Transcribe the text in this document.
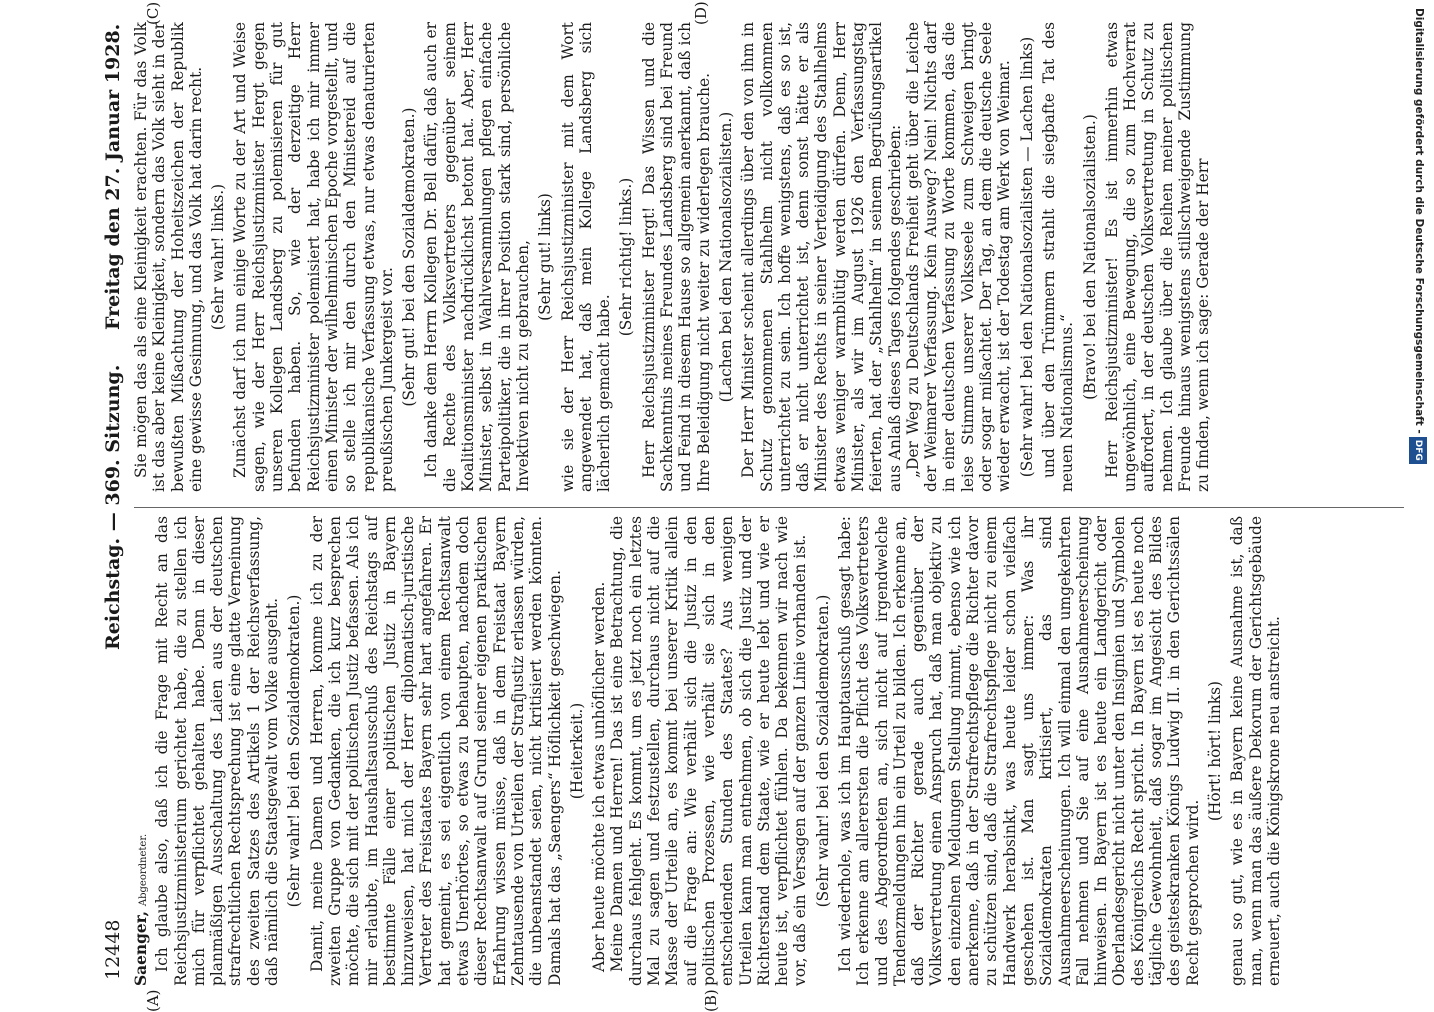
12448
Reichstag. — 369. Sitzung.
Freitag den 27. Januar 1928.
(A)	(B)
(C)	(D)

Saenger, Abgeordneter. Ich glaube also, daß ich die Frage mit Recht an das Reichsjustizministerium gerichtet habe, die zu stellen ich mich für verpflichtet gehalten habe. Denn in dieser planmäßigen Ausschaltung des Laien aus der deutschen strafrechtlichen Rechtsprechung ist eine glatte Verneinung des zweiten Satzes des Artikels 1 der Reichsverfassung, daß nämlich die Staatsgewalt vom Volke ausgeht. (Sehr wahr! bei den Sozialdemokraten.) Damit, meine Damen und Herren, komme ich zu der zweiten Gruppe von Gedanken, die ich kurz besprechen möchte, die sich mit der politischen Justiz befassen. Als ich mir erlaubte, im Haushaltsausschuß des Reichstags auf bestimmte Fälle einer politischen Justiz in Bayern hinzuweisen, hat mich der Herr diplomatisch-juristische Vertreter des Freistaates Bayern sehr hart angefahren. Er hat gemeint, es sei eigentlich von einem Rechtsanwalt etwas Unerhörtes, so etwas zu behaupten, nachdem doch dieser Rechtsanwalt auf Grund seiner eigenen praktischen Erfahrung wissen müsse, daß in dem Freistaat Bayern Zehntausende von Urteilen der Strafjustiz erlassen würden, die unbeanstandet seien, nicht kritisiert werden könnten. Damals hat das „Saengers“ Höflichkeit geschwiegen. (Heiterkeit.) Aber heute möchte ich etwas unhöflicher werden. Meine Damen und Herren! Das ist eine Betrachtung, die durchaus fehlgeht. Es kommt, um es jetzt noch ein letztes Mal zu sagen und festzustellen, durchaus nicht auf die Masse der Urteile an, es kommt bei unserer Kritik allein auf die Frage an: Wie verhält sich die Justiz in den politischen Prozessen, wie verhält sie sich in den entscheidenden Stunden des Staates? Aus wenigen Urteilen kann man entnehmen, ob sich die Justiz und der Richterstand dem Staate, wie er heute lebt und wie er heute ist, verpflichtet fühlen. Da bekennen wir nach wie vor, daß ein Versagen auf der ganzen Linie vorhanden ist. (Sehr wahr! bei den Sozialdemokraten.) Ich wiederhole, was ich im Hauptausschuß gesagt habe: Ich erkenne am allerersten die Pflicht des Volksvertreters und des Abgeordneten an, sich nicht auf irgendwelche Tendenzmeldungen hin ein Urteil zu bilden. Ich erkenne an, daß der Richter gerade auch gegenüber der Volksvertretung einen Anspruch hat, daß man objektiv zu den einzelnen Meldungen Stellung nimmt, ebenso wie ich anerkenne, daß in der Strafrechtspflege die Richter davor zu schützen sind, daß die Strafrechtspflege nicht zu einem Handwerk herabsinkt, was heute leider schon vielfach geschehen ist. Man sagt uns immer: Was ihr Sozialdemokraten kritisiert, das sind Ausnahmeerscheinungen. Ich will einmal den umgekehrten Fall nehmen und Sie auf eine Ausnahmeerscheinung hinweisen. In Bayern ist es heute ein Landgericht oder Oberlandesgericht nicht unter den Insignien und Symbolen des Königreichs Recht spricht. In Bayern ist es heute noch tägliche Gewohnheit, daß sogar im Angesicht des Bildes des geisteskranken Königs Ludwig II. in den Gerichtssälen Recht gesprochen wird.

(Hört! hört! links) genau so gut, wie es in Bayern keine Ausnahme ist, daß man, wenn man das äußere Dekorum der Gerichtsgebäude erneuert, auch die Königskrone neu anstreicht.

Sie mögen das als eine Kleinigkeit erachten. Für das Volk ist das aber keine Kleinigkeit, sondern das Volk sieht in der bewußten Mißachtung der Hoheitszeichen der Republik eine gewisse Gesinnung, und das Volk hat darin recht. (Sehr wahr! links.) Zunächst darf ich nun einige Worte zu der Art und Weise sagen, wie der Herr Reichsjustizminister Hergt gegen unseren Kollegen Landsberg zu polemisieren für gut befunden haben. So, wie der derzeitige Herr Reichsjustizminister polemisiert hat, habe ich mir immer einen Minister der wilhelminischen Epoche vorgestellt, und so stelle ich mir den durch den Ministereid auf die republikanische Verfassung etwas, nur etwas denaturierten preußischen Junkergeist vor. (Sehr gut! bei den Sozialdemokraten.) Ich danke dem Herrn Kollegen Dr. Bell dafür, daß auch er die Rechte des Volksvertreters gegenüber seinem Koalitionsminister nachdrücklichst betont hat. Aber, Herr Minister, selbst in Wahlversammlungen pflegen einfache Parteipolitiker, die in ihrer Position stark sind, persönliche Invektiven nicht zu gebrauchen, (Sehr gut! links) wie sie der Herr Reichsjustizminister mit dem Wort angewendet hat, daß mein Kollege Landsberg sich lächerlich gemacht habe.

(Sehr richtig! links.) Herr Reichsjustizminister Hergt! Das Wissen und die Sachkenntnis meines Freundes Landsberg sind bei Freund und Feind in diesem Hause so allgemein anerkannt, daß ich Ihre Beleidigung nicht weiter zu widerlegen brauche. (Lachen bei den Nationalsozialisten.) Der Herr Minister scheint allerdings über den von ihm in Schutz genommenen Stahlhelm nicht vollkommen unterrichtet zu sein. Ich hoffe wenigstens, daß es so ist, daß er nicht unterrichtet ist, denn sonst hätte er als Minister des Rechts in seiner Verteidigung des Stahlhelms etwas weniger warmblütig werden dürfen. Denn, Herr Minister, als wir im August 1926 den Verfassungstag feierten, hat der „Stahlhelm“ in seinem Begrüßungsartikel aus Anlaß dieses Tages folgendes geschrieben: „Der Weg zu Deutschlands Freiheit geht über die Leiche der Weimarer Verfassung. Kein Ausweg? Nein! Nichts darf in einer deutschen Verfassung zu Worte kommen, das die leise Stimme unserer Volksseele zum Schweigen bringt oder sogar mißachtet. Der Tag, an dem die deutsche Seele wieder erwacht, ist der Todestag am Werk von Weimar. (Sehr wahr! bei den Nationalsozialisten — Lachen links) und über den Trümmern strahlt die siegbafte Tat des neuen Nationalismus.“

(Bravo! bei den Nationalsozialisten.) Herr Reichsjustizminister! Es ist immerhin etwas ungewöhnlich, eine Bewegung, die so zum Hochverrat auffordert, in der deutschen Volksvertretung in Schutz zu nehmen. Ich glaube über die Reihen meiner politischen Freunde hinaus wenigstens stillschweigende Zustimmung zu finden, wenn ich sage: Gerade der Herr	Digitalisierung gefördert durch die Deutsche Forschungsgemeinschaft -DFG
